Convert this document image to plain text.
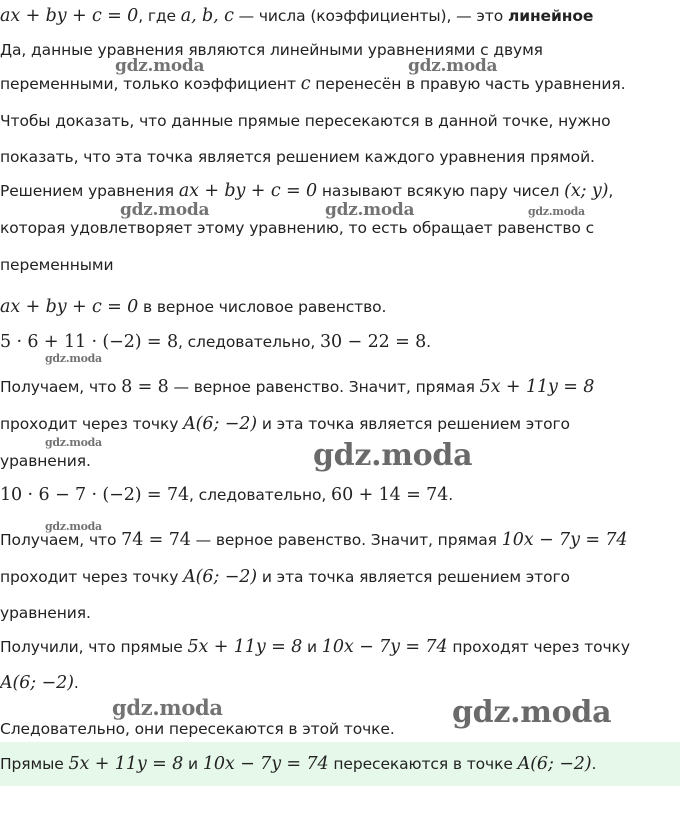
ax + by + c = 0, где a, b, c — числа (коэффициенты), — это линейное
Да, данные уравнения являются линейными уравнениями с двумя
переменными, только коэффициент c перенесён в правую часть уравнения.
Чтобы доказать, что данные прямые пересекаются в данной точке, нужно
показать, что эта точка является решением каждого уравнения прямой.
Решением уравнения ax + by + c = 0 называют всякую пару чисел (x; y),
которая удовлетворяет этому уравнению, то есть обращает равенство с
переменными
ax + by + c = 0 в верное числовое равенство.
5 · 6 + 11 · (−2) = 8, следовательно, 30 − 22 = 8.
Получаем, что 8 = 8 — верное равенство. Значит, прямая 5x + 11y = 8
проходит через точку A(6; −2) и эта точка является решением этого
уравнения.
10 · 6 − 7 · (−2) = 74, следовательно, 60 + 14 = 74.
Получаем, что 74 = 74 — верное равенство. Значит, прямая 10x − 7y = 74
проходит через точку A(6; −2) и эта точка является решением этого
уравнения.
Получили, что прямые 5x + 11y = 8 и 10x − 7y = 74 проходят через точку
A(6; −2).
Следовательно, они пересекаются в этой точке.
Прямые 5x + 11y = 8 и 10x − 7y = 74 пересекаются в точке A(6; −2).
gdz.moda	gdz.moda
gdz.moda	gdz.moda	gdz.moda
gdz.moda
gdz.moda	gdz.moda
gdz.moda
gdz.moda	gdz.moda
